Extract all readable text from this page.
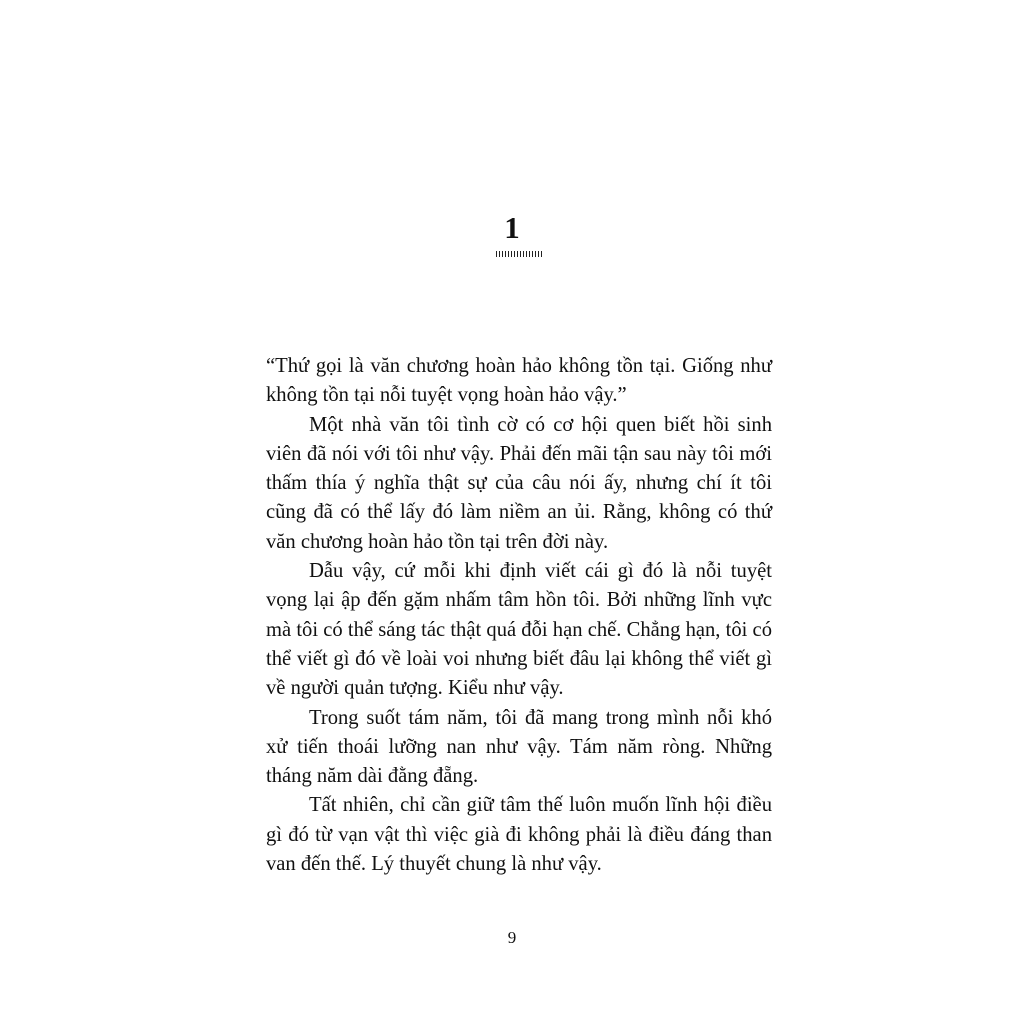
1

“Thứ gọi là văn chương hoàn hảo không tồn tại. Giống như không tồn tại nỗi tuyệt vọng hoàn hảo vậy.”

Một nhà văn tôi tình cờ có cơ hội quen biết hồi sinh viên đã nói với tôi như vậy. Phải đến mãi tận sau này tôi mới thấm thía ý nghĩa thật sự của câu nói ấy, nhưng chí ít tôi cũng đã có thể lấy đó làm niềm an ủi. Rằng, không có thứ văn chương hoàn hảo tồn tại trên đời này.

Dẫu vậy, cứ mỗi khi định viết cái gì đó là nỗi tuyệt vọng lại ập đến gặm nhấm tâm hồn tôi. Bởi những lĩnh vực mà tôi có thể sáng tác thật quá đỗi hạn chế. Chẳng hạn, tôi có thể viết gì đó về loài voi nhưng biết đâu lại không thể viết gì về người quản tượng. Kiểu như vậy.

Trong suốt tám năm, tôi đã mang trong mình nỗi khó xử tiến thoái lưỡng nan như vậy. Tám năm ròng. Những tháng năm dài đằng đẵng.

Tất nhiên, chỉ cần giữ tâm thế luôn muốn lĩnh hội điều gì đó từ vạn vật thì việc già đi không phải là điều đáng than van đến thế. Lý thuyết chung là như vậy.

9
